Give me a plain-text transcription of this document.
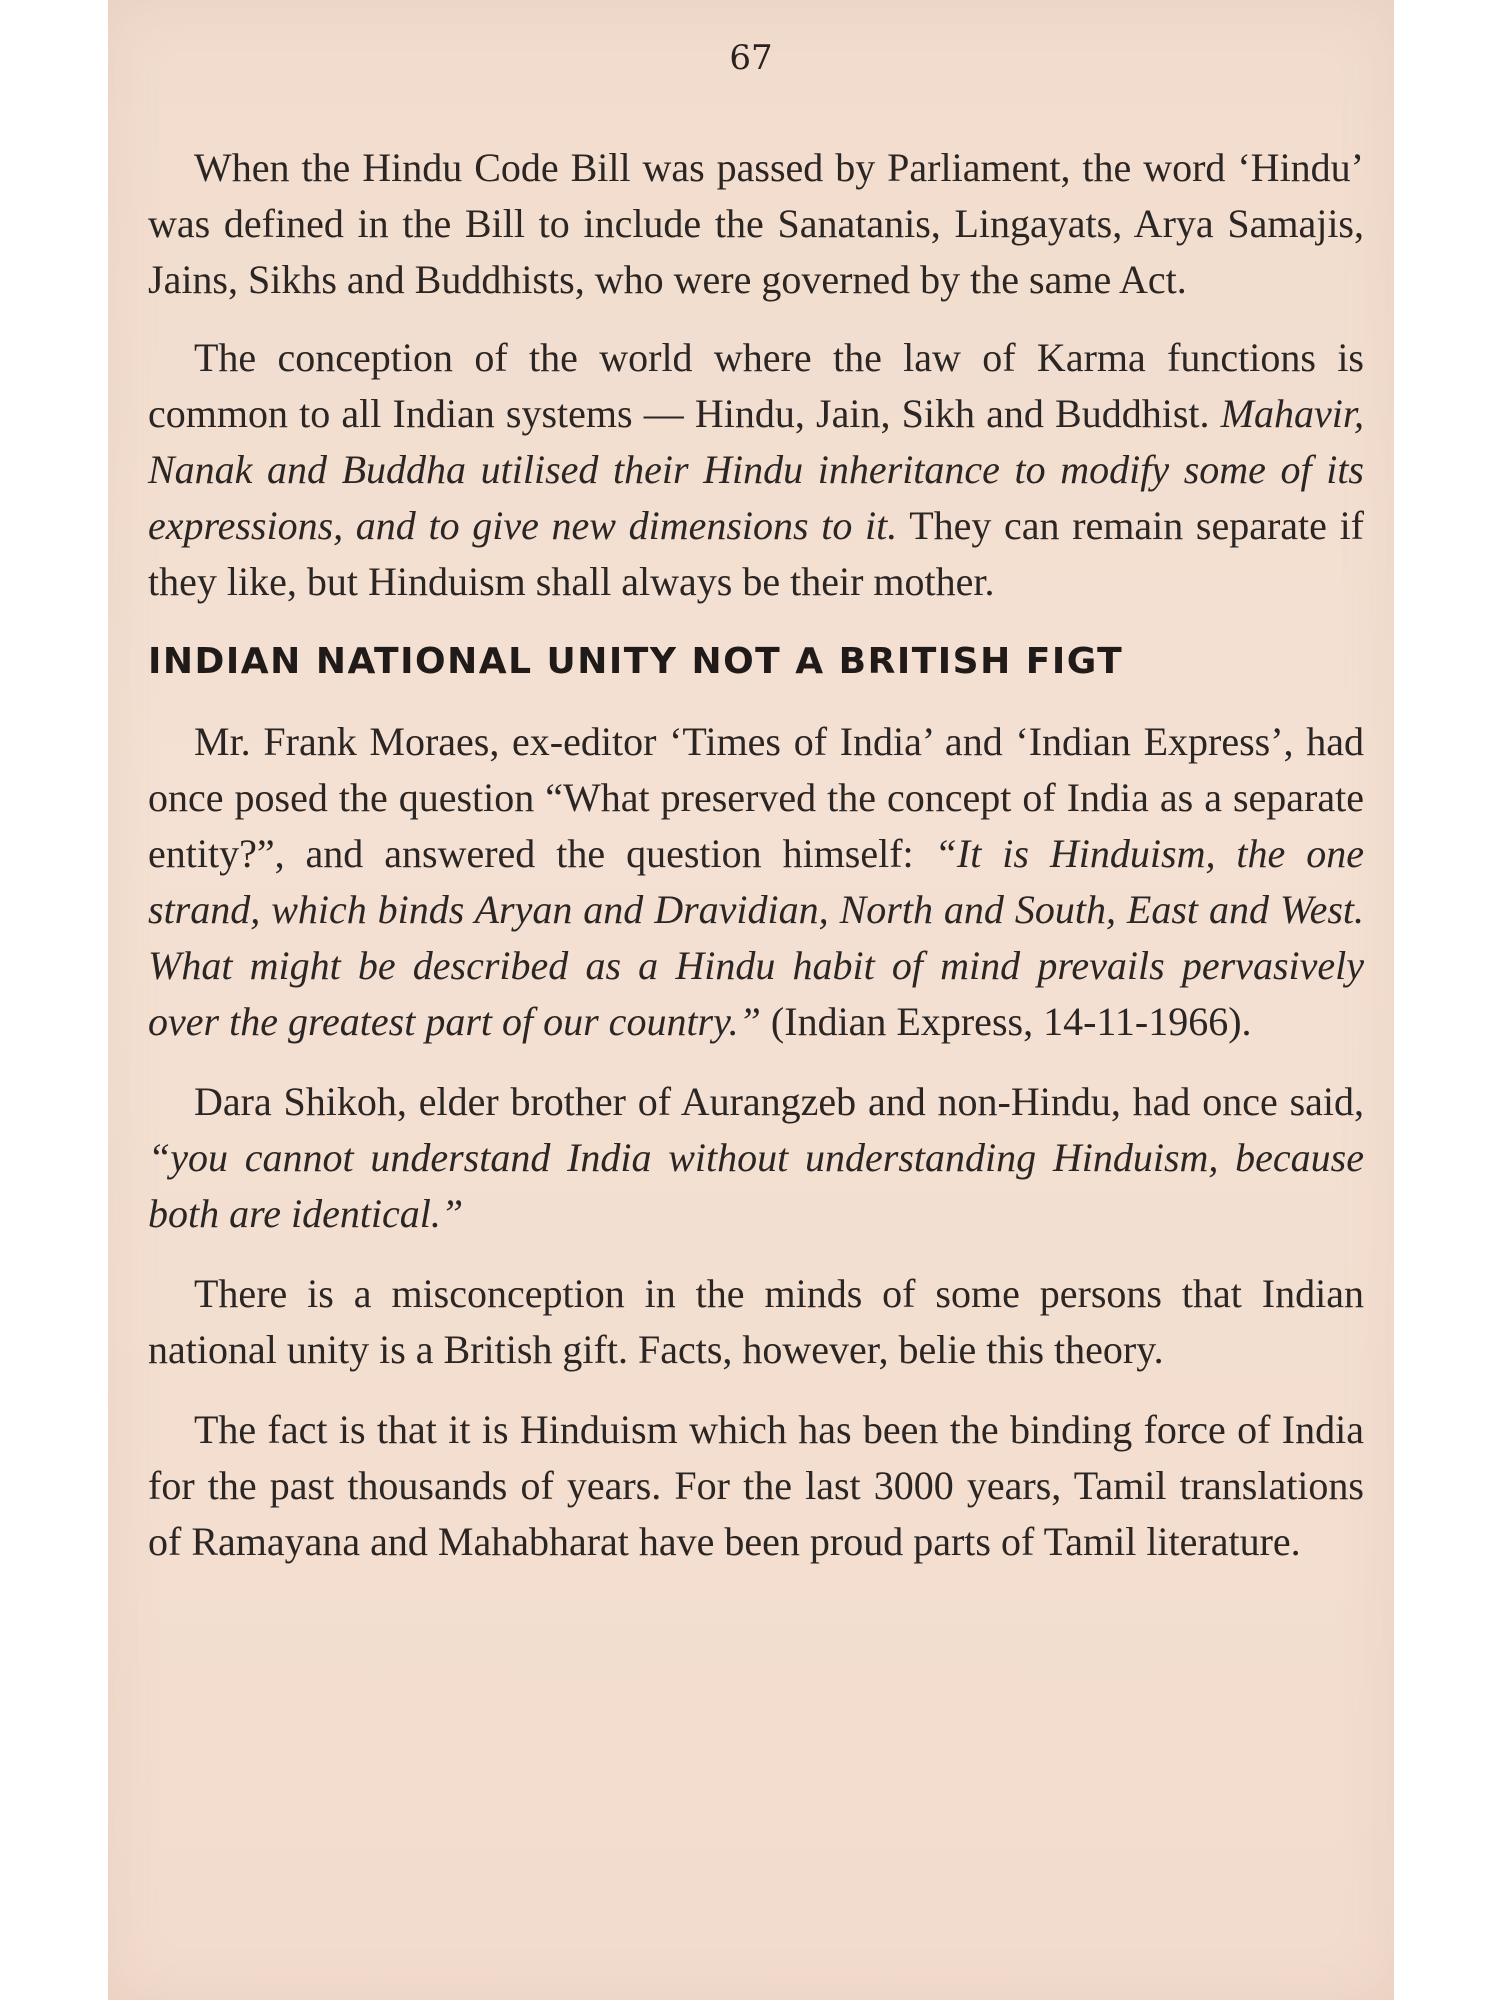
67

When the Hindu Code Bill was passed by Parliament, the word ‘Hindu’ was defined in the Bill to include the Sanatanis, Lingayats, Arya Samajis, Jains, Sikhs and Buddhists, who were governed by the same Act.

The conception of the world where the law of Karma functions is common to all Indian systems — Hindu, Jain, Sikh and Buddhist. Mahavir, Nanak and Buddha utilised their Hindu inheritance to modify some of its expressions, and to give new dimensions to it. They can remain separate if they like, but Hinduism shall always be their mother.

INDIAN NATIONAL UNITY NOT A BRITISH FIGT

Mr. Frank Moraes, ex-editor ‘Times of India’ and ‘Indian Express’, had once posed the question “What preserved the concept of India as a separate entity?”, and answered the question himself: “It is Hinduism, the one strand, which binds Aryan and Dravidian, North and South, East and West. What might be described as a Hindu habit of mind prevails pervasively over the greatest part of our country.” (Indian Express, 14-11-1966).

Dara Shikoh, elder brother of Aurangzeb and non-Hindu, had once said, “you cannot understand India without understanding Hinduism, because both are identical.”

There is a misconception in the minds of some persons that Indian national unity is a British gift. Facts, however, belie this theory.

The fact is that it is Hinduism which has been the binding force of India for the past thousands of years. For the last 3000 years, Tamil translations of Ramayana and Mahabharat have been proud parts of Tamil literature.
